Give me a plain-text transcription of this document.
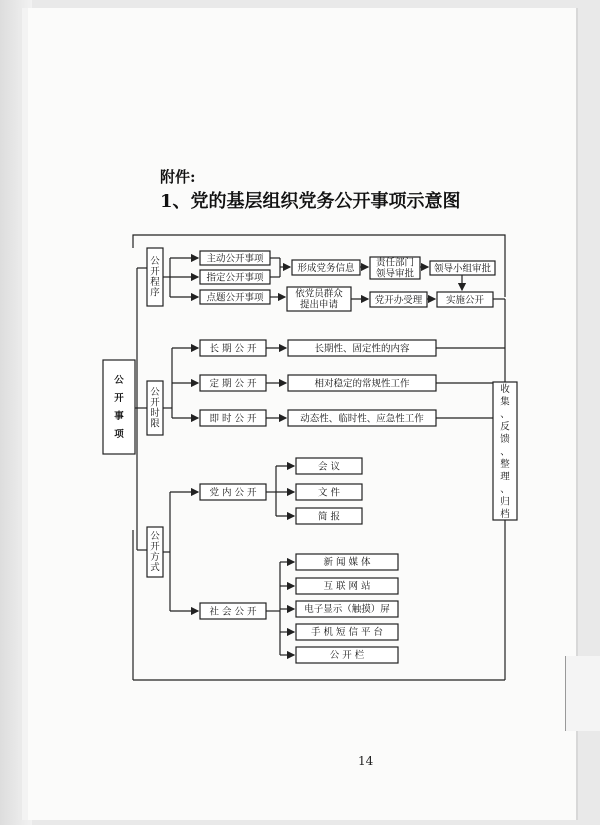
附件:
1、党的基层组织党务公开事项示意图
14
公
开
事
项
公
开
程
序
主动公开事项
指定公开事项
点题公开事项
形成党务信息 责任部门
领导审批 领导小组审批
实施公开
依党员群众
提出申请	党开办受理
公
开
时
限
长 期 公 开	长期性、固定性的内容
定 期 公 开	相对稳定的常规性工作
即 时 公 开	动态性、临时性、应急性工作
公
开
方
式
党 内 公 开
会 议
文 件
简 报
社 会 公 开
新 闻 媒 体
互 联 网 站
电子显示（触摸）屏
手 机 短 信 平 台
公 开 栏
收
集
、
反
馈
、
整
理
、
归
档
